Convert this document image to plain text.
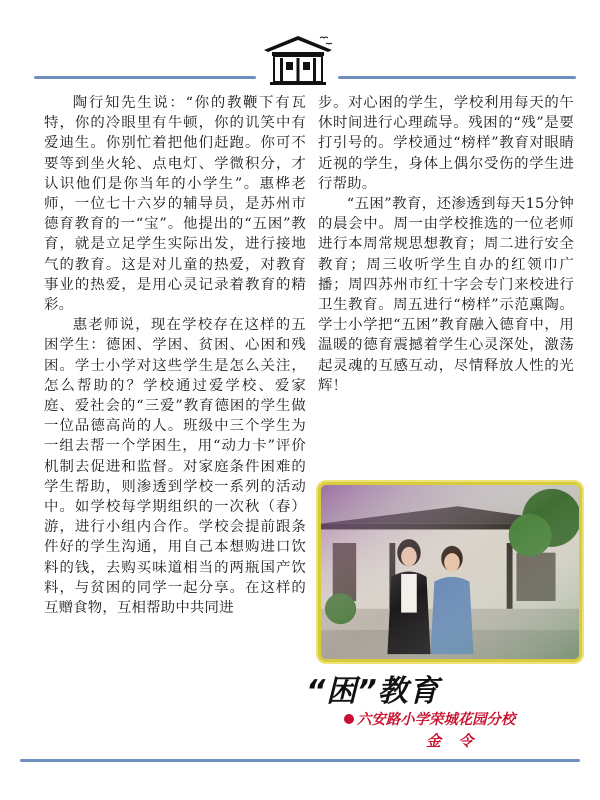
陶行知先生说：“你的教鞭下有瓦特，你的冷眼里有牛顿，你的讥笑中有爱迪生。你别忙着把他们赶跑。你可不要等到坐火轮、点电灯、学微积分，才认识他们是你当年的小学生”。惠桦老师，一位七十六岁的辅导员，是苏州市德育教育的一“宝”。他提出的“五困”教育，就是立足学生实际出发，进行接地气的教育。这是对儿童的热爱，对教育事业的热爱，是用心灵记录着教育的精彩。

惠老师说，现在学校存在这样的五困学生：德困、学困、贫困、心困和残困。学士小学对这些学生是怎么关注，怎么帮助的？学校通过爱学校、爱家庭、爱社会的“三爱”教育德困的学生做一位品德高尚的人。班级中三个学生为一组去帮一个学困生，用“动力卡”评价机制去促进和监督。对家庭条件困难的学生帮助，则渗透到学校一系列的活动中。如学校每学期组织的一次秋（春）游，进行小组内合作。学校会提前跟条件好的学生沟通，用自己本想购进口饮料的钱，去购买味道相当的两瓶国产饮料，与贫困的同学一起分享。在这样的互赠食物，互相帮助中共同进

步。对心困的学生，学校利用每天的午休时间进行心理疏导。残困的“残”是要打引号的。学校通过“榜样”教育对眼睛近视的学生，身体上偶尔受伤的学生进行帮助。

“五困”教育，还渗透到每天15分钟的晨会中。周一由学校推选的一位老师进行本周常规思想教育；周二进行安全教育；周三收听学生自办的红领巾广播；周四苏州市红十字会专门来校进行卫生教育。周五进行“榜样”示范熏陶。学士小学把“五困”教育融入德育中，用温暖的德育震撼着学生心灵深处，激荡起灵魂的互感互动，尽情释放人性的光辉！

“困”教育
六安路小学荣城花园分校
金 令
